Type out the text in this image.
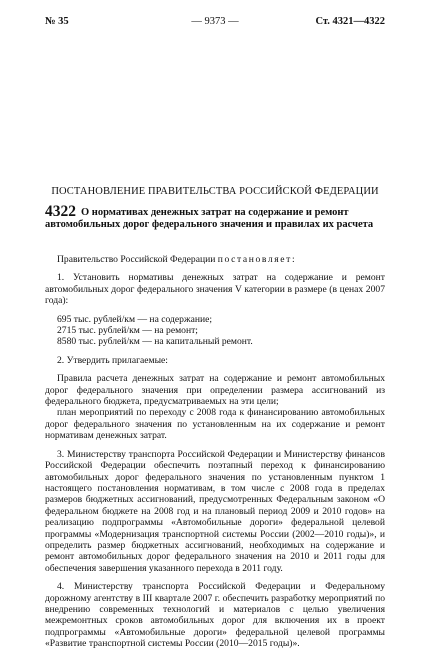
№ 35	— 9373 —	Ст. 4321—4322
ПОСТАНОВЛЕНИЕ ПРАВИТЕЛЬСТВА РОССИЙСКОЙ ФЕДЕРАЦИИ
4322 О нормативах денежных затрат на содержание и ремонт автомобильных дорог федерального значения и правилах их расчета

Правительство Российской Федерации постановляет:

1. Установить нормативы денежных затрат на содержание и ремонт автомобильных дорог федерального значения V категории в размере (в ценах 2007 года):

695 тыс. рублей/км — на содержание;

2715 тыс. рублей/км — на ремонт;

8580 тыс. рублей/км — на капитальный ремонт.

2. Утвердить прилагаемые:

Правила расчета денежных затрат на содержание и ремонт автомобильных дорог федерального значения при определении размера ассигнований из федерального бюджета, предусматриваемых на эти цели;

план мероприятий по переходу с 2008 года к финансированию автомобильных дорог федерального значения по установленным на их содержание и ремонт нормативам денежных затрат.

3. Министерству транспорта Российской Федерации и Министерству финансов Российской Федерации обеспечить поэтапный переход к финансированию автомобильных дорог федерального значения по установленным пунктом 1 настоящего постановления нормативам, в том числе с 2008 года в пределах размеров бюджетных ассигнований, предусмотренных Федеральным законом «О федеральном бюджете на 2008 год и на плановый период 2009 и 2010 годов» на реализацию подпрограммы «Автомобильные дороги» федеральной целевой программы «Модернизация транспортной системы России (2002—2010 годы)», и определить размер бюджетных ассигнований, необходимых на содержание и ремонт автомобильных дорог федерального значения на 2010 и 2011 годы для обеспечения завершения указанного перехода в 2011 году.

4. Министерству транспорта Российской Федерации и Федеральному дорожному агентству в III квартале 2007 г. обеспечить разработку мероприятий по внедрению современных технологий и материалов с целью увеличения межремонтных сроков автомобильных дорог для включения их в проект подпрограммы «Автомобильные дороги» федеральной целевой программы «Развитие транспортной системы России (2010—2015 годы)».
